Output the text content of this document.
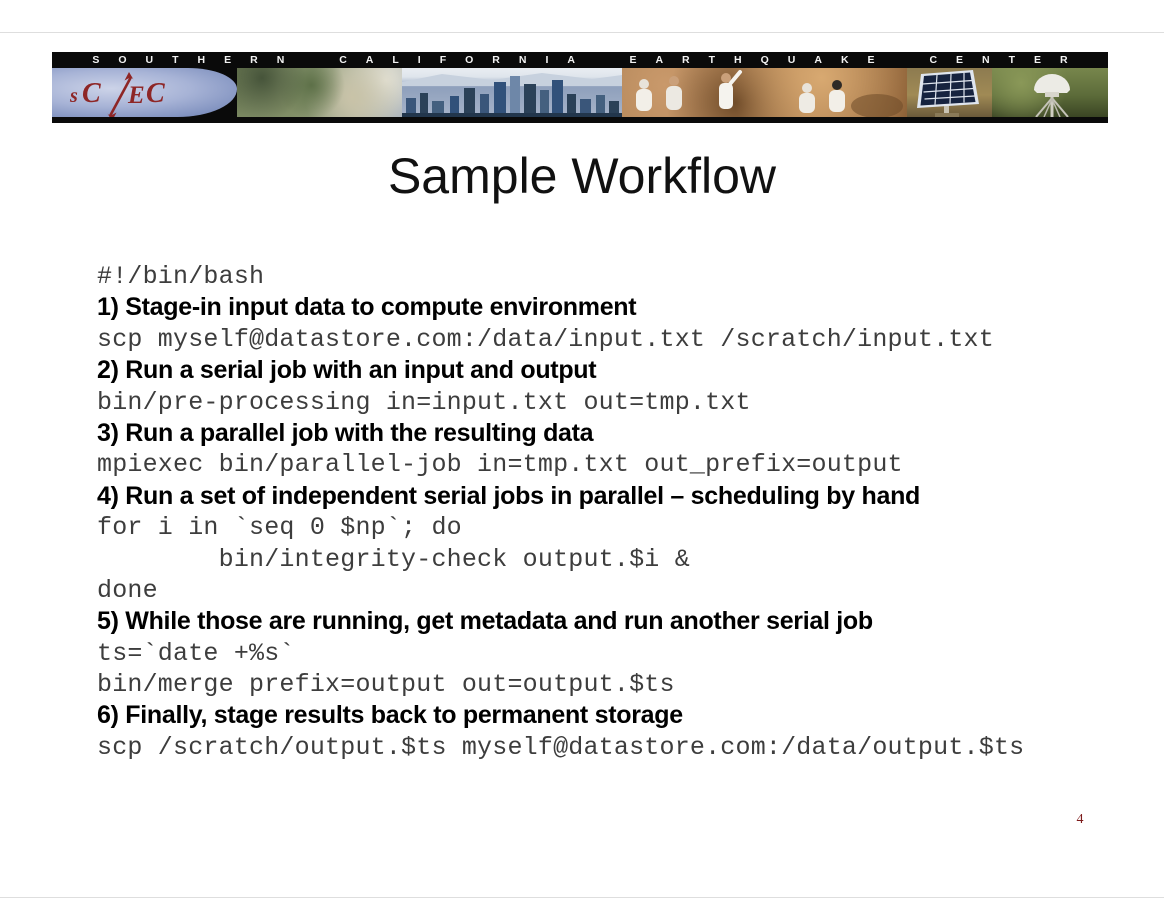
SOUTHERN CALIFORNIA EARTHQUAKE CENTER
s C E C
Sample Workflow
#!/bin/bash
1) Stage-in input data to compute environment
scp myself@datastore.com:/data/input.txt /scratch/input.txt
2) Run a serial job with an input and output
bin/pre-processing in=input.txt out=tmp.txt
3) Run a parallel job with the resulting data
mpiexec bin/parallel-job in=tmp.txt out_prefix=output
4) Run a set of independent serial jobs in parallel – scheduling by hand
for i in `seq 0 $np`; do
bin/integrity-check output.$i &
done
5) While those are running, get metadata and run another serial job
ts=`date +%s`
bin/merge prefix=output out=output.$ts
6) Finally, stage results back to permanent storage
scp /scratch/output.$ts myself@datastore.com:/data/output.$ts
4
